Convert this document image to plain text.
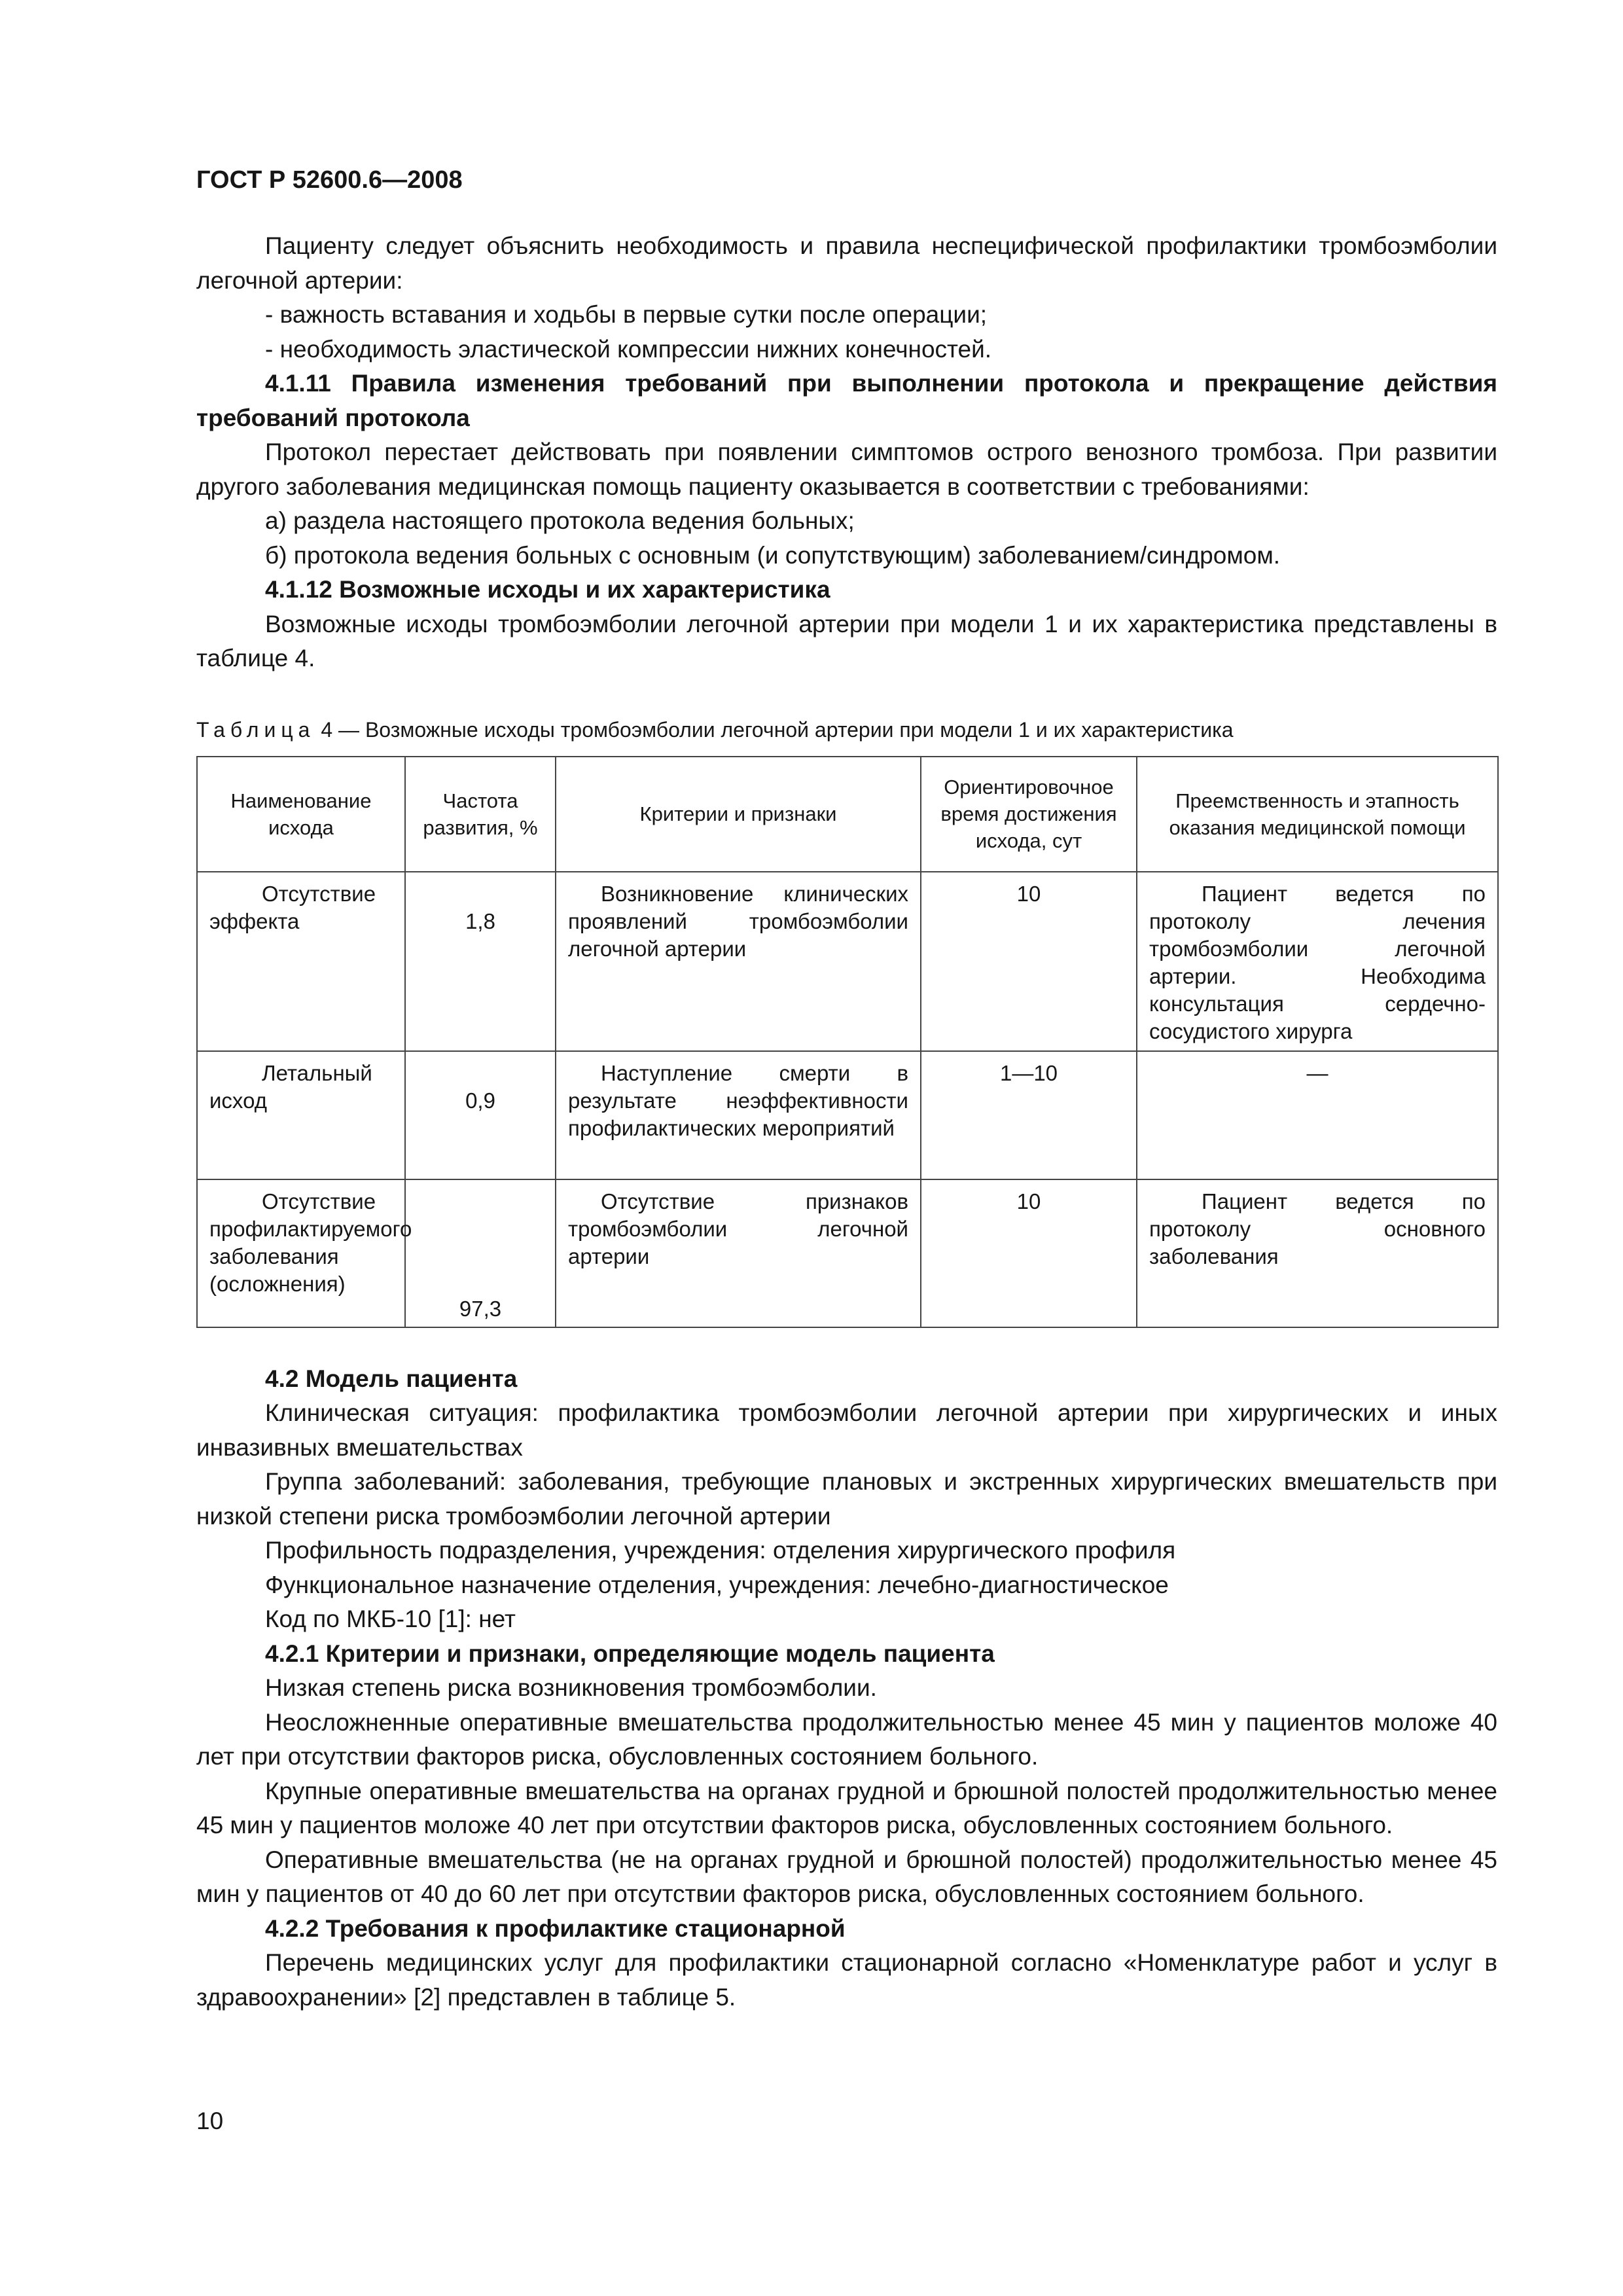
ГОСТ Р 52600.6—2008

Пациенту следует объяснить необходимость и правила неспецифической профилактики тромбоэмболии легочной артерии:

- важность вставания и ходьбы в первые сутки после операции;

- необходимость эластической компрессии нижних конечностей.

4.1.11 Правила изменения требований при выполнении протокола и прекращение действия требований протокола

Протокол перестает действовать при появлении симптомов острого венозного тромбоза. При развитии другого заболевания медицинская помощь пациенту оказывается в соответствии с требованиями:

а) раздела настоящего протокола ведения больных;

б) протокола ведения больных с основным (и сопутствующим) заболеванием/синдромом.

4.1.12 Возможные исходы и их характеристика

Возможные исходы тромбоэмболии легочной артерии при модели 1 и их характеристика представлены в таблице 4.

Таблица 4 — Возможные исходы тромбоэмболии легочной артерии при модели 1 и их характеристика

Наименование исхода	Частота развития, %	Критерии и признаки	Ориентировочное время достижения исхода, сут	Преемственность и этапность оказания медицинской помощи

Отсутствие эффекта	1,8	Возникновение клинических проявлений тромбоэмболии легочной артерии	10	Пациент ведется по протоколу лечения тромбоэмболии легочной артерии. Необходима консультация сердечно-сосудистого хирурга

Летальный исход	0,9	Наступление смерти в результате неэффективности профилактических мероприятий	1—10	—

Отсутствие профилактируемого заболевания (осложнения)	97,3	Отсутствие признаков тромбоэмболии легочной артерии	10	Пациент ведется по протоколу основного заболевания

4.2 Модель пациента

Клиническая ситуация: профилактика тромбоэмболии легочной артерии при хирургических и иных инвазивных вмешательствах

Группа заболеваний: заболевания, требующие плановых и экстренных хирургических вмешательств при низкой степени риска тромбоэмболии легочной артерии

Профильность подразделения, учреждения: отделения хирургического профиля

Функциональное назначение отделения, учреждения: лечебно-диагностическое

Код по МКБ-10 [1]: нет

4.2.1 Критерии и признаки, определяющие модель пациента

Низкая степень риска возникновения тромбоэмболии.

Неосложненные оперативные вмешательства продолжительностью менее 45 мин у пациентов моложе 40 лет при отсутствии факторов риска, обусловленных состоянием больного.

Крупные оперативные вмешательства на органах грудной и брюшной полостей продолжительностью менее 45 мин у пациентов моложе 40 лет при отсутствии факторов риска, обусловленных состоянием больного.

Оперативные вмешательства (не на органах грудной и брюшной полостей) продолжительностью менее 45 мин у пациентов от 40 до 60 лет при отсутствии факторов риска, обусловленных состоянием больного.

4.2.2 Требования к профилактике стационарной

Перечень медицинских услуг для профилактики стационарной согласно «Номенклатуре работ и услуг в здравоохранении» [2] представлен в таблице 5.

10
